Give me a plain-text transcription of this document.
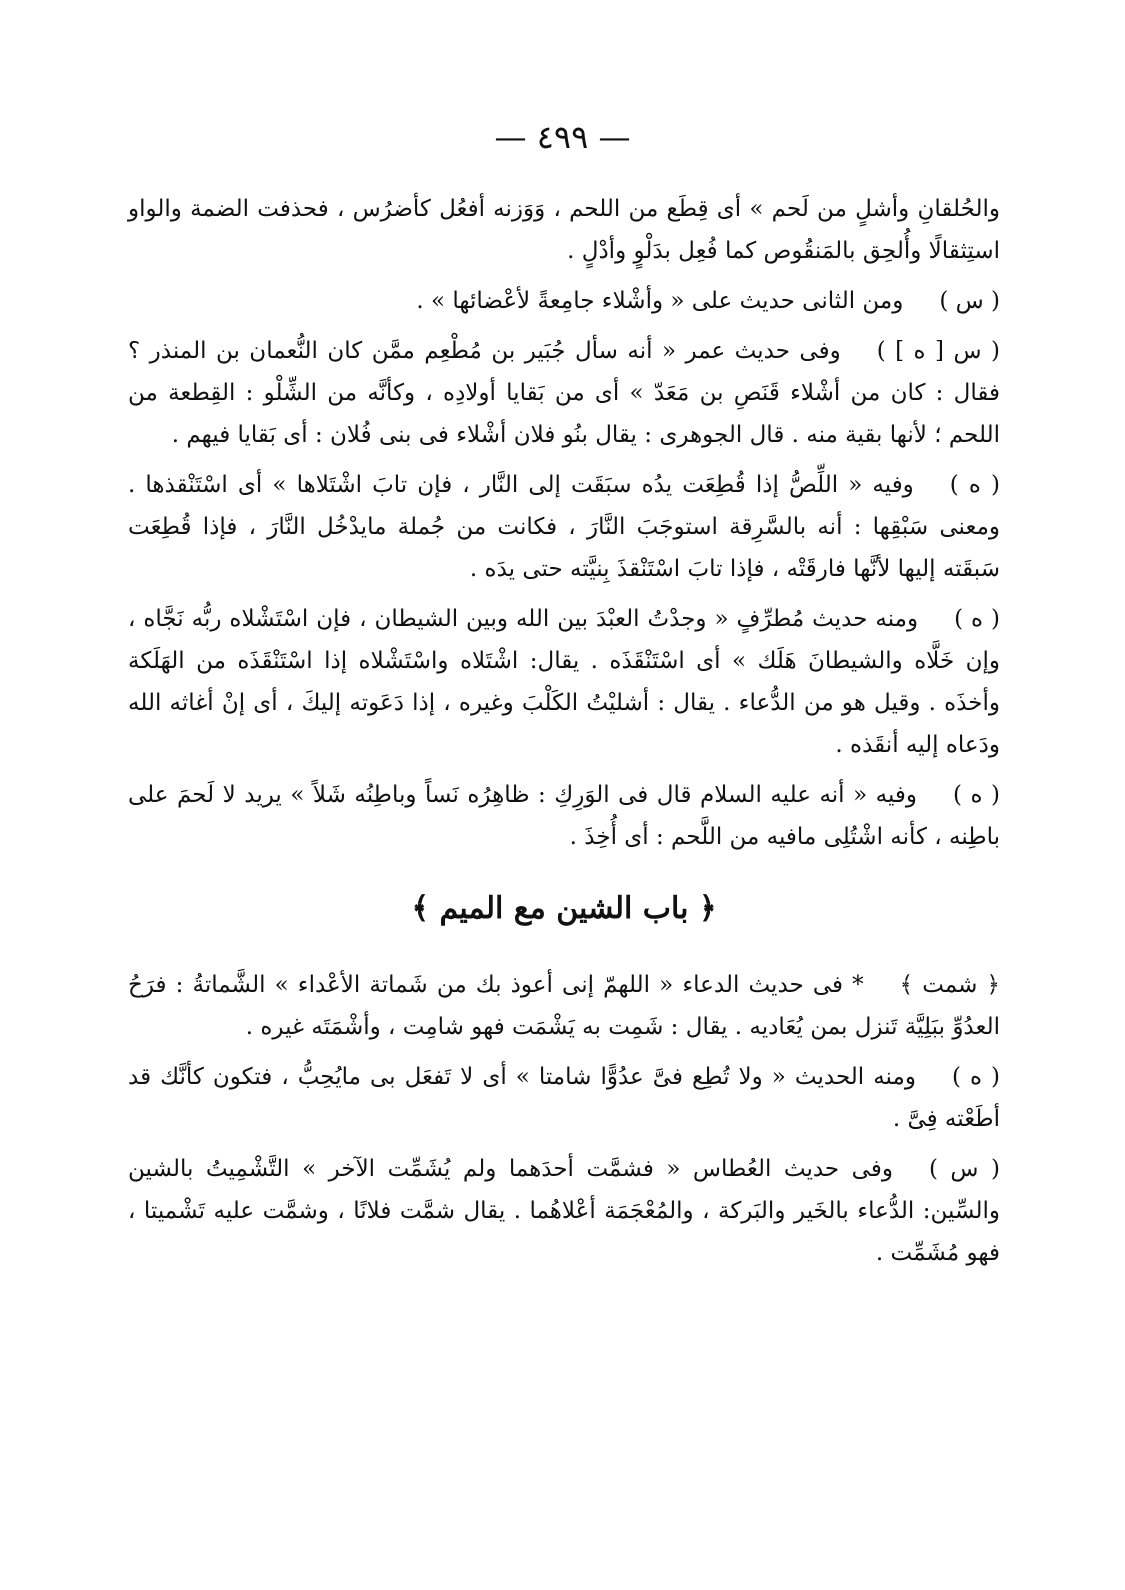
— ٤٩٩ —

والحُلقانِ وأشلٍ من لَحم » أى قِطَع من اللحم ، وَوَزنه أفعُل كأضرُس ، فحذفت الضمة والواو استِثقالًا وأُلحِق بالمَنقُوص كما فُعِل بدَلْوٍ وأدْلٍ .

( س )ومن الثانى حديث على « وأشْلاء جامِعةً لأعْضائها » .

( س [ ه ] )وفى حديث عمر « أنه سأل جُبَير بن مُطْعِم ممَّن كان النُّعمان بن المنذر ؟ فقال : كان من أشْلاء قَنَصِ بن مَعَدّ » أى من بَقايا أولادِه ، وكأنَّه من الشِّلْو : القِطعة من اللحم ؛ لأنها بقية منه . قال الجوهرى : يقال بنُو فلان أشْلاء فى بنى فُلان : أى بَقايا فيهم .

( ه )وفيه « اللِّصُّ إذا قُطِعَت يدُه سبَقَت إلى النَّار ، فإن تابَ اشْتَلاها » أى اسْتَنْقذها . ومعنى سَبْقِها : أنه بالسَّرِقة استوجَبَ النَّارَ ، فكانت من جُملة مايدْخُل النَّارَ ، فإذا قُطِعَت سَبقَته إليها لأنَّها فارقَتْه ، فإذا تابَ اسْتَنْقذَ بِنيَّته حتى يدَه .

( ه )ومنه حديث مُطرِّفٍ « وجدْتُ العبْدَ بين الله وبين الشيطان ، فإن اسْتَشْلاه ربُّه نَجَّاه ، وإن خَلَّاه والشيطانَ هَلَك » أى اسْتَنْقَذَه . يقال: اشْتَلاه واسْتَشْلاه إذا اسْتَنْقَذَه من الهَلَكة وأخذَه . وقيل هو من الدُّعاء . يقال : أشليْتُ الكَلْبَ وغيره ، إذا دَعَوته إليكَ ، أى إنْ أغاثه الله ودَعاه إليه أنقَذه .

( ه )وفيه « أنه عليه السلام قال فى الوَرِكِ : ظاهِرُه نَساً وباطِنُه شَلاً » يريد لا لَحمَ على باطِنه ، كأنه اشْتُلِى مافيه من اللَّحم : أى أُخِذَ .

﴿ باب الشين مع الميم ﴾

﴿ شمت ﴾* فى حديث الدعاء « اللهمّ إنى أعوذ بك من شَماتة الأعْداء » الشَّماتةُ : فرَحُ العدُوِّ ببَلِيَّة تَنزل بمن يُعَاديه . يقال : شَمِت به يَشْمَت فهو شامِت ، وأشْمَتَه غيره .

( ه )ومنه الحديث « ولا تُطِع فىَّ عدُوًّا شامتا » أى لا تَفعَل بى مايُحِبُّ ، فتكون كأنَّك قد أطَعْته فِىَّ .

( س )وفى حديث العُطاس « فشمَّت أحدَهما ولم يُشَمِّت الآخر » التَّشْمِيتُ بالشين والسِّين: الدُّعاء بالخَير والبَركة ، والمُعْجَمَة أعْلاهُما . يقال شمَّت فلانًا ، وشمَّت عليه تَشْميتا ، فهو مُشَمِّت .
